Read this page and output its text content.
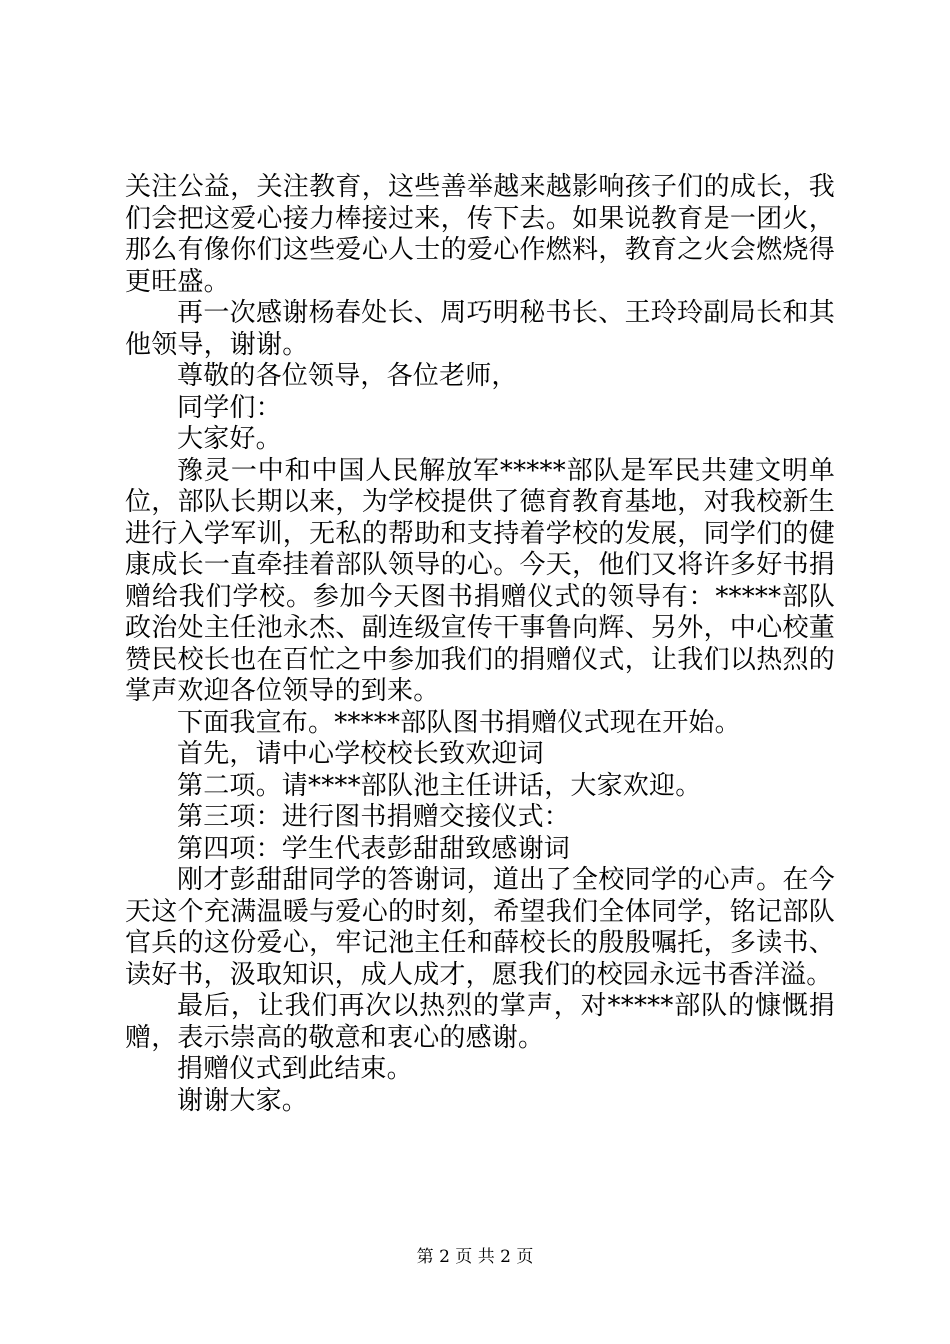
关注公益，关注教育，这些善举越来越影响孩子们的成长，我们会把这爱心接力棒接过来，传下去。如果说教育是一团火，那么有像你们这些爱心人士的爱心作燃料，教育之火会燃烧得更旺盛。

再一次感谢杨春处长、周巧明秘书长、王玲玲副局长和其他领导，谢谢。

尊敬的各位领导，各位老师，

同学们：

大家好。

豫灵一中和中国人民解放军*****部队是军民共建文明单位，部队长期以来，为学校提供了德育教育基地，对我校新生进行入学军训，无私的帮助和支持着学校的发展，同学们的健康成长一直牵挂着部队领导的心。今天，他们又将许多好书捐赠给我们学校。参加今天图书捐赠仪式的领导有：*****部队政治处主任池永杰、副连级宣传干事鲁向辉、另外，中心校董赞民校长也在百忙之中参加我们的捐赠仪式，让我们以热烈的掌声欢迎各位领导的到来。

下面我宣布。*****部队图书捐赠仪式现在开始。

首先，请中心学校校长致欢迎词

第二项。请****部队池主任讲话，大家欢迎。

第三项：进行图书捐赠交接仪式：

第四项：学生代表彭甜甜致感谢词

刚才彭甜甜同学的答谢词，道出了全校同学的心声。在今天这个充满温暖与爱心的时刻，希望我们全体同学，铭记部队官兵的这份爱心，牢记池主任和薛校长的殷殷嘱托，多读书、读好书，汲取知识，成人成才，愿我们的校园永远书香洋溢。

最后，让我们再次以热烈的掌声，对*****部队的慷慨捐赠，表示崇高的敬意和衷心的感谢。

捐赠仪式到此结束。

谢谢大家。

第 2 页 共 2 页
